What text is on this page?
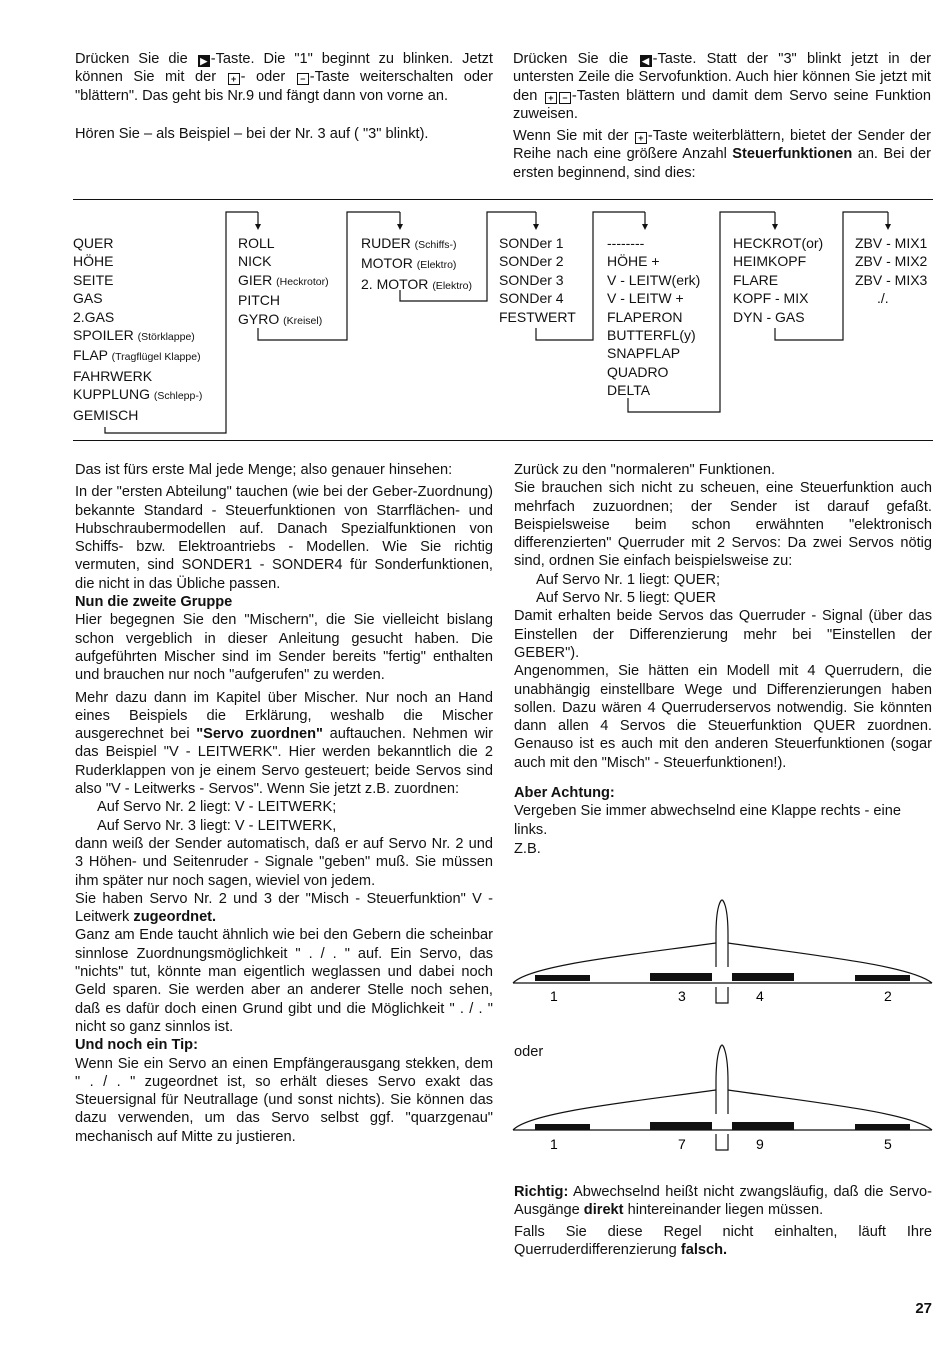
Drücken Sie die ▶ -Taste. Die "1" beginnt zu blinken. Jetzt können Sie mit der + - oder − -Taste weiterschalten oder "blättern". Das geht bis Nr.9 und fängt dann von vorne an.

Hören Sie – als Beispiel – bei der Nr. 3 auf ( "3" blinkt).

Drücken Sie die ◀ -Taste. Statt der "3" blinkt jetzt in der untersten Zeile die Servofunktion. Auch hier können Sie jetzt mit den + − -Tasten blättern und damit dem Servo seine Funktion zuweisen.

Wenn Sie mit der + -Taste weiterblättern, bietet der Sender der Reihe nach eine größere Anzahl Steuerfunktionen an. Bei der ersten beginnend, sind dies:

QUER
HÖHE
SEITE
GAS
2.GAS
SPOILER (Störklappe)
FLAP (Tragflügel Klappe)
FAHRWERK
KUPPLUNG (Schlepp-)
GEMISCH
ROLL
NICK
GIER (Heckrotor)
PITCH
GYRO (Kreisel)
RUDER (Schiffs-)
MOTOR (Elektro)
2. MOTOR (Elektro)
SONDer 1
SONDer 2
SONDer 3
SONDer 4
FESTWERT
--------
HÖHE +
V - LEITW(erk)
V - LEITW +
FLAPERON
BUTTERFL(y)
SNAPFLAP
QUADRO
DELTA
HECKROT(or)
HEIMKOPF
FLARE
KOPF - MIX
DYN - GAS
ZBV - MIX1
ZBV - MIX2
ZBV - MIX3
./.

Das ist fürs erste Mal jede Menge; also genauer hinsehen:

In der "ersten Abteilung" tauchen (wie bei der Geber-Zuordnung) bekannte Standard - Steuerfunktionen von Starrflächen- und Hubschraubermodellen auf. Danach Spezialfunktionen von Schiffs- bzw. Elektroantriebs - Modellen. Wie Sie richtig vermuten, sind SONDER1 - SONDER4 für Sonderfunktionen, die nicht in das Übliche passen.

Nun die zweite Gruppe

Hier begegnen Sie den "Mischern", die Sie vielleicht bislang schon vergeblich in dieser Anleitung gesucht haben. Die aufgeführten Mischer sind im Sender bereits "fertig" enthalten und brauchen nur noch "aufgerufen" zu werden.

Mehr dazu dann im Kapitel über Mischer. Nur noch an Hand eines Beispiels die Erklärung, weshalb die Mischer ausgerechnet bei "Servo zuordnen" auftauchen. Nehmen wir das Beispiel "V - LEITWERK". Hier werden bekanntlich die 2 Ruderklappen von je einem Servo gesteuert; beide Servos sind also "V - Leitwerks - Servos". Wenn Sie jetzt z.B. zuordnen:

Auf Servo Nr. 2 liegt: V - LEITWERK;

Auf Servo Nr. 3 liegt: V - LEITWERK,

dann weiß der Sender automatisch, daß er auf Servo Nr. 2 und 3 Höhen- und Seitenruder - Signale "geben" muß. Sie müssen ihm später nur noch sagen, wieviel von jedem.

Sie haben Servo Nr. 2 und 3 der "Misch - Steuerfunktion" V - Leitwerk zugeordnet.

Ganz am Ende taucht ähnlich wie bei den Gebern die scheinbar sinnlose Zuordnungsmöglichkeit " . / . " auf. Ein Servo, das "nichts" tut, könnte man eigentlich weglassen und dabei noch Geld sparen. Sie werden aber an anderer Stelle noch sehen, daß es dafür doch einen Grund gibt und die Möglichkeit " . / . " nicht so ganz sinnlos ist.

Und noch ein Tip:

Wenn Sie ein Servo an einen Empfängerausgang stekken, dem " . / . " zugeordnet ist, so erhält dieses Servo exakt das Steuersignal für Neutrallage (und sonst nichts). Sie können das dazu verwenden, um das Servo selbst ggf. "quarzgenau" mechanisch auf Mitte zu justieren.

Zurück zu den "normaleren" Funktionen.

Sie brauchen sich nicht zu scheuen, eine Steuerfunktion auch mehrfach zuzuordnen; der Sender ist darauf gefaßt. Beispielsweise beim schon erwähnten "elektronisch differenzierten" Querruder mit 2 Servos: Da zwei Servos nötig sind, ordnen Sie einfach beispielsweise zu:

Auf Servo Nr. 1 liegt: QUER;

Auf Servo Nr. 5 liegt: QUER

Damit erhalten beide Servos das Querruder - Signal (über das Einstellen der Differenzierung mehr bei "Einstellen der GEBER").

Angenommen, Sie hätten ein Modell mit 4 Querrudern, die unabhängig einstellbare Wege und Differenzierungen haben sollen. Dazu wären 4 Querruderservos notwendig. Sie könnten dann allen 4 Servos die Steuerfunktion QUER zuordnen. Genauso ist es auch mit den anderen Steuerfunktionen (sogar auch mit den "Misch" - Steuerfunktionen!).

Aber Achtung:

Vergeben Sie immer abwechselnd eine Klappe rechts - eine links.

Z.B.

1	3	4	2

oder

1	7	9	5

Richtig: Abwechselnd heißt nicht zwangsläufig, daß die Servo-Ausgänge direkt hintereinander liegen müssen.

Falls Sie diese Regel nicht einhalten, läuft Ihre Querruderdifferenzierung falsch.

27
